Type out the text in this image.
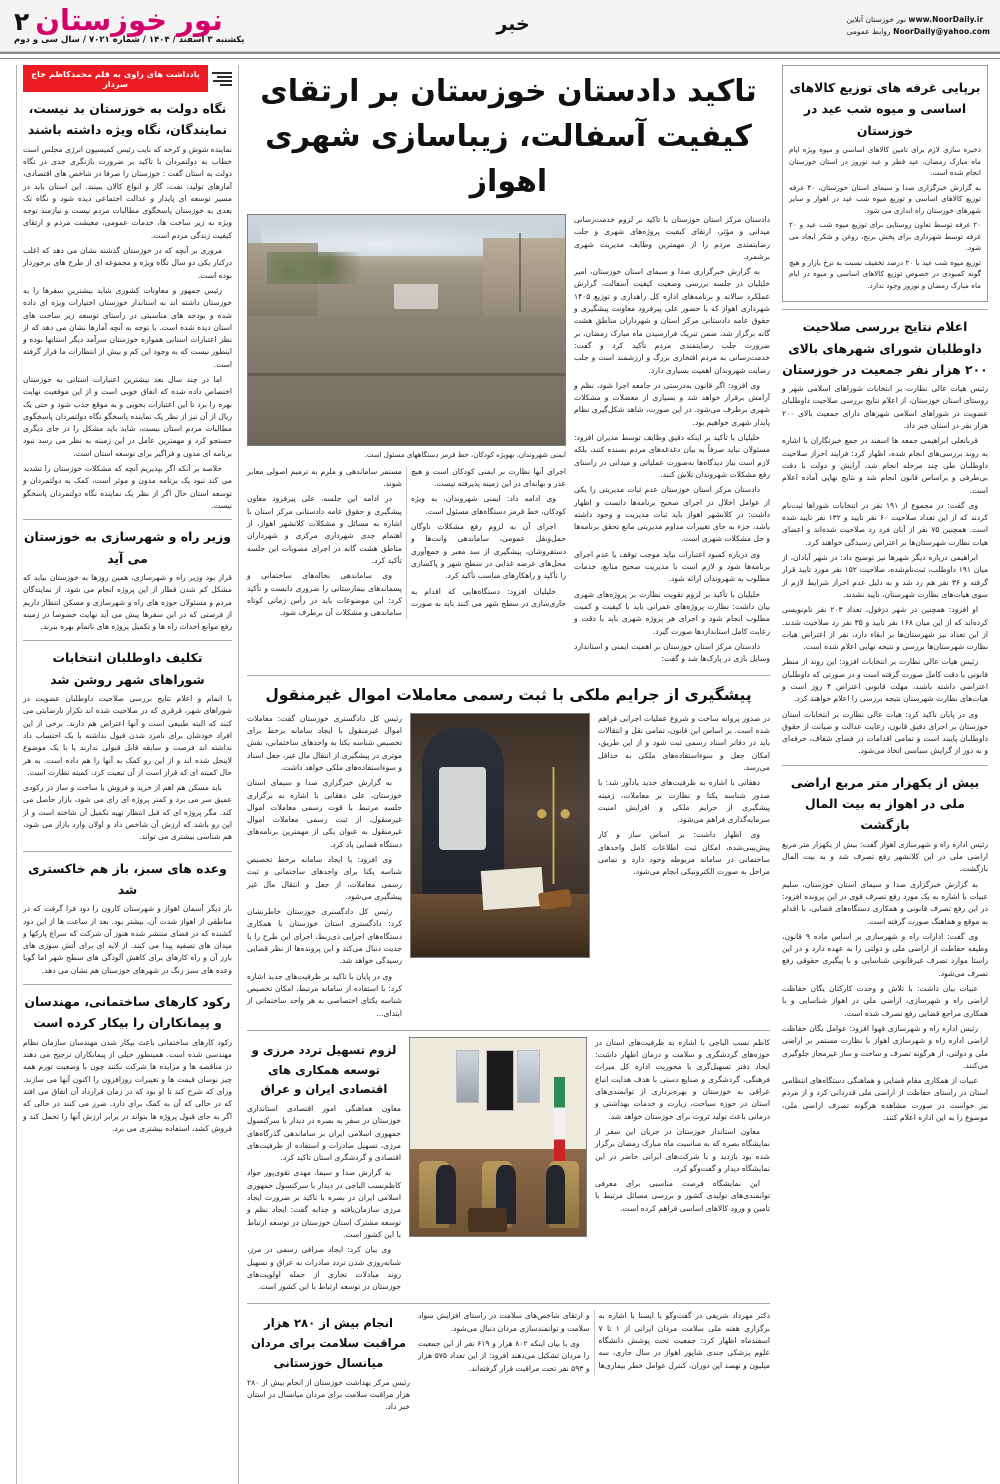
نور خوزستان آنلاین www.NoorDaily.ir
روابط عمومی NoorDaily@yahoo.com
خبر
نور خوزستان
۲
یکشنبه ۳ اسفند / ۱۴۰۴ / شماره ۷۰۲۱ / سال سی و دوم
برپایی غرفه های توزیع کالاهای اساسی و میوه شب عید در خوزستان
ذخیره سازی لازم برای تامین کالاهای اساسی و میوه ویژه ایام ماه مبارک رمضان، عید فطر و عید نوروز در استان خوزستان انجام شده است.
به گزارش خبرگزاری صدا و سیمای استان خوزستان، ۴۰ غرفه توزیع کالاهای اساسی و توزیع میوه شب عید در اهواز و سایر شهرهای خوزستان راه اندازی می شود.
۲۰ غرفه توسط تعاون روستایی برای توزیع میوه شب عید و ۲۰ غرفه توسط شهرداری برای پخش برنج، روغن و شکر ایجاد می شود.
توزیع میوه شب عید با ۲۰ درصد تخفیف نسبت به نرخ بازار و هیچ گونه کمبودی در خصوص توزیع کالاهای اساسی و میوه در ایام ماه مبارک رمضان و نوروز وجود ندارد.
اعلام نتایج بررسی صلاحیت داوطلبان شورای شهرهای بالای ۲۰۰ هزار نفر جمعیت در خوزستان
رئیس هیات عالی نظارت بر انتخابات شوراهای اسلامی شهر و روستای استان خوزستان، از اعلام نتایج بررسی صلاحیت داوطلبان عضویت در شوراهای اسلامی شهرهای دارای جمعیت بالای ۲۰۰ هزار نفر در استان خبر داد.
قربانعلی ابراهیمی جمعه ها اسفند در جمع خبرنگاران با اشاره به روند بررسی‌های انجام شده، اظهار کرد: فرایند احراز صلاحیت داوطلبان طی چند مرحله انجام شد، آرایش و دولت با دقت بی‌طرفی و براساس قانون انجام شد و نتایج نهایی آماده اعلام است.
وی گفت: در مجموع از ۱۹۱ نفر در انتخابات شوراها ثبت‌نام کردند که از این تعداد صلاحیت ۶۰ نفر تایید و ۱۳۲ نفر تایید شده است. همچنین ۷۵ نفر از آنان فرد رد صلاحیت شده‌اند و اعضای هیات نظارت شهرستان‌ها بر اعتراض رسیدگی خواهند کرد.
ابراهیمی درباره دیگر شهرها نیز توضیح داد: در شهر آبادان، از میان ۱۹۱ داوطلب، ثبت‌نام‌شده، صلاحیت ۱۵۲ نفر مورد تایید قرار گرفته و ۳۶ نفر هم رد شد و به دلیل عدم احراز شرایط لازم از سوی هیات‌های نظارت شهرستان، تایید نشدند.
او افزود: همچنین در شهر دزفول، تعداد ۲۰۳ نفر نام‌نویسی کرده‌اند که از این میان ۱۶۸ نفر تایید و ۳۵ نفر رد صلاحیت شدند. از این تعداد نیز شهرستان‌ها بر ابقاء دارد، نفر از اعتراض هیات نظارت شهرستان‌ها بررسی و نتیجه نهایی اعلام شده است.
رئیس هیات عالی نظارت بر انتخابات افزود: این روند از منظر قانونی با دقت کامل صورت گرفته است و در صورتی که داوطلبان اعتراضی داشته باشند، مهلت قانونی اعتراض ۴ روز است و هیات‌های نظارت شهرستان نتیجه بررسی را اعلام خواهند کرد.
وی در پایان تاکید کرد: هیات عالی نظارت بر انتخابات استان خوزستان بر اجرای دقیق قانون، رعایت عدالت و صیانت از حقوق داوطلبان پایبند است و تمامی اقدامات در فضای شفاف، حرفه‌ای و به دور از گرایش سیاسی اتخاذ می‌شود.
بیش از یکهزار متر مربع اراضی ملی در اهواز به بیت المال بازگشت
رئیس اداره راه و شهرسازی اهواز گفت: بیش از یکهزار متر مربع اراضی ملی در این کلانشهر رفع تصرف شد و به بیت المال بازگشت.
به گزارش خبرگزاری صدا و سیمای استان خوزستان، سلیم عبیات با اشاره به یک مورد رفع تصرف قوی در این پرونده افزود: در این رفع تصرف قانونی و همکاری دستگاه‌های قضایی، با اقدام به موقع و هماهنگ صورت گرفته است.
وی گفت: ادارات راه و شهرسازی بر اساس ماده ۹ قانون، وظیفه حفاظت از اراضی ملی و دولتی را به عهده دارد و در این راستا موارد تصرف غیرقانونی شناسایی و با پیگیری حقوقی رفع تصرف می‌شود.
عبیات بیان داشت: با تلاش و وحدت کارکنان یگان حفاظت اراضی راه و شهرسازی، اراضی ملی در اهواز شناسایی و با همکاری مراجع قضایی رفع تصرف شده است.
رئیس اداره راه و شهرسازی قهوا افزود: عوامل یگان حفاظت اراضی اداره راه و شهرسازی اهواز با نظارت مستمر بر اراضی ملی و دولتی، از هرگونه تصرف و ساخت و ساز غیرمجاز جلوگیری می‌کنند.
عبیات از همکاری مقام قضایی و هماهنگی دستگاه‌های انتظامی استان در راستای حفاظت از اراضی ملی قدردانی کرد و از مردم نیز خواست در صورت مشاهده هرگونه تصرف اراضی ملی، موضوع را به این اداره اعلام کنند.
تاکید دادستان خوزستان بر ارتقای کیفیت آسفالت، زیباسازی شهری اهواز
دادستان مرکز استان خوزستان با تاکید بر لزوم خدمت‌رسانی میدانی و مؤثر، ارتقای کیفیت پروژه‌های شهری و جلب رضایتمندی مردم را از مهمترین وظایف مدیریت شهری برشمرد.
به گزارش خبرگزاری صدا و سیمای استان خوزستان، امیر خلیلیان در جلسه بررسی وضعیت کیفیت آسفالت، گزارش عملکرد سالانه و برنامه‌های اداره کل راهداری و توزیع ۱۴۰۵ شهرداری اهواز که با حضور علی پیرفرود معاونت پیشگیری و حقوق عامه دادستانی مرکز استان و شهرداران مناطق هشت گانه برگزار شد، ضمن تبریک فرارسیدن ماه مبارک رمضان، بر ضرورت جلب رضایتمندی مردم تأکید کرد و گفت: خدمت‌رسانی به مردم افتخاری بزرگ و ارزشمند است و جلب رضایت شهروندان اهمیت بسیاری دارد.
وی افزود: اگر قانون به‌درستی در جامعه اجرا شود، نظم و آرامش برقرار خواهد شد و بسیاری از معضلات و مشکلات شهری برطرف می‌شود. در این صورت، شاهد شکل‌گیری نظام پایدار شهری خواهیم بود.
خلیلیان با تأکید بر اینکه دقیق وظایف توسط مدیران افزود: مسئولان نباید صرفاً به بیان دغدغه‌های مردم بسنده کنند، بلکه لازم است نیاز دیدگاه‌ها به‌صورت عملیاتی و میدانی در راستای رفع مشکلات شهروندان تلاش کنند.
دادستان مرکز استان خوزستان عدم ثبات مدیریتی را یکی از عوامل اخلال در اجرای صحیح برنامه‌ها دانست و اظهار داشت: در کلانشهر اهواز باید ثبات مدیریت و وجود داشته باشد، جزء به جای تغییرات مداوم مدیریتی مانع تحقق برنامه‌ها و حل مشکلات شهری است.
وی درباره کمبود اعتبارات نیاید موجب توقف یا عدم اجرای برنامه‌ها شود و لازم است با مدیریت صحیح منابع، خدمات مطلوب به شهروندان ارائه شود.
خلیلیان با تأکید بر لزوم تقویت نظارت بر پروژه‌های شهری بیان داشت: نظارت پروژه‌های عمرانی باید با کیفیت و کمیت مطلوب انجام شود و اجرای هر پروژه شهری باید با دقت و رعایت کامل استانداردها صورت گیرد.
دادستان مرکز استان خوزستان بر اهمیت ایمنی و استاندارد وسایل بازی در پارک‌ها شد و گفت:
ایمنی شهروندان، بهویژه کودکان، خط قرمز دستگاههای مسئول است.
اجرای آنها نظارت بر ایمنی کودکان است و هیچ عذر و بهانه‌ای در این زمینه پذیرفته نیست.
وی ادامه داد: ایمنی شهروندان، به ویژه کودکان، خط قرمز دستگاه‌های مسئول است.
اجرای آن به لزوم رفع مشکلات ناوگان حمل‌ونقل عمومی، ساماندهی وانت‌ها و دستفروشان، پیشگیری از سد معبر و جمع‌آوری محل‌های عرضه غذایی در سطح شهر و پاکسازی را تأکید و راهکارهای مناسب تأکید کرد.
خلیلیان افزود: دستگاه‌هایی که اقدام به جاری‌سازی در سطح شهر می کنند باید به صورت مستمر ساماندهی و ملزم به ترمیم اصولی معابر شوند.
در ادامه این جلسه، علی پیرفرود معاون پیشگیری و حقوق عامه دادستانی مرکز استان با اشاره به مسائل و مشکلات کلانشهر اهواز، از اهتمام جدی شهرداری مرکزی و شهرداران مناطق هشت گانه در اجرای مصوبات این جلسه تأکید کرد.
وی ساماندهی نخاله‌های ساختمانی و پسماندهای بیمارستانی را ضروری دانست و تأکید کرد: این موضوعات باید در رأس زمانی کوتاه ساماندهی و مشکلات آن برطرف شود.
پیشگیری از جرایم ملکی با ثبت رسمی معاملات اموال غیرمنقول
در صدور پروانه ساخت و شروع عملیات اجرایی فراهم شده است. بر اساس این قانون، تمامی نقل و انتقالات باید در دفاتر اسناد رسمی ثبت شود و از این طریق، امکان جعل و سوءاستفاده‌های ملکی به حداقل می‌رسد.
دهقانی با اشاره به ظرفیت‌های جدید یادآور شد: با صدور شناسه یکتا و نظارت بر معاملات، زمینه پیشگیری از جرایم ملکی و افزایش امنیت سرمایه‌گذاری فراهم می‌شود.
وی اظهار داشت: بر اساس ساز و کار پیش‌بینی‌شده، امکان ثبت اطلاعات کامل واحدهای ساختمانی در سامانه مربوطه وجود دارد و تمامی مراحل به صورت الکترونیکی انجام می‌شود.
رئیس کل دادگستری خوزستان گفت: معاملات اموال غیرمنقول با ایجاد سامانه برخط برای تخصیص شناسه یکتا به واحدهای ساختمانی، نقش موثری در پیشگیری از انتقال مال غیر، جعل اسناد و سوءاستفاده‌های ملکی خواهد داشت.
به گزارش خبرگزاری صدا و سیمای استان خوزستان، علی دهقانی با اشاره به برگزاری جلسه مرتبط با قوت رسمی معاملات اموال غیرمنقول، از ثبت رسمی معاملات اموال غیرمنقول به عنوان یکی از مهمترین برنامه‌های دستگاه قضایی یاد کرد.
وی افزود: با ایجاد سامانه برخط تخصیص شناسه یکتا برای واحدهای ساختمانی و ثبت رسمی معاملات، از جعل و انتقال مال غیر پیشگیری می‌شود.
رئیس کل دادگستری خوزستان خاطرنشان کرد: دادگستری استان خوزستان با همکاری دستگاه‌های اجرایی ذی‌ربط، اجرای این طرح را با جدیت دنبال می‌کند و این پرونده‌ها از نظر قضایی رسیدگی خواهد شد.
وی در پایان با تاکید بر ظرفیت‌های جدید اشاره کرد: با استفاده از سامانه مرتبط، امکان تخصیص شناسه یکتای اختصاصی به هر واحد ساختمانی از ابتدای...
کاظم نسب الباجی با اشاره به ظرفیت‌های استان در حوزه‌های گردشگری و سلامت و درمان اظهار داشت: ایجاد دفتر تسهیل‌گری با محوریت اداره کل میراث فرهنگی، گردشگری و صنایع دستی با هدف هدایت اتباع عراقی به خوزستان و بهره‌برداری از توانمندی‌های استان در حوزه سیاحت، زیارت و خدمات بهداشتی و درمانی باعث تولید ثروت برای خوزستان خواهد شد.
معاون استاندار خوزستان در جریان این سفر از نمایشگاه بصره که به مناسبت ماه مبارک رمضان برگزار شده بود بازدید و با شرکت‌های ایرانی حاضر در این نمایشگاه دیدار و گفت‌وگو کرد.
این نمایشگاه فرصت مناسبی برای معرفی توانمندی‌های تولیدی کشور و بررسی مسائل مرتبط با تامین و ورود کالاهای اساسی فراهم کرده است.
لزوم تسهیل تردد مرزی و توسعه همکاری های اقتصادی ایران و عراق
معاون هماهنگی امور اقتصادی استانداری خوزستان در سفر به بصره در دیدار با سرکنسول جمهوری اسلامی ایران بر ساماندهی گذرگاه‌های مرزی، تسهیل صادرات و استفاده از ظرفیت‌های اقتصادی و گردشگری استان تاکید کرد.
به گزارش صدا و سیما، مهدی تقوی‌پور جواد کاظم‌نسب الباجی در دیدار با سرکنسول جمهوری اسلامی ایران در بصره با تاکید بر ضرورت ایجاد مرزی سازمان‌یافته و جذابه گفت: ایجاد نظم و توسعه مشترک استان خوزستان در توسعه ارتباط با این کشور است.
وی بیان کرد: ایجاد صرافی رسمی در مرز، شبانه‌روزی شدن تردد صادرات به عراق و تسهیل روند مبادلات تجاری از جمله اولویت‌های خوزستان در توسعه ارتباط با این کشور است.
دکتر مهرداد شریفی در گفت‌وگو با ایسنا با اشاره به برگزاری هفته ملی سلامت مردان ایرانی از ۱ تا ۷ اسفندماه اظهار کرد: جمعیت تحت پوشش دانشگاه علوم پزشکی جندی شاپور اهواز در سال جاری، سه میلیون و نهصد این دوران، کنترل عوامل خطر بیماری‌ها و ارتقای شاخص‌های سلامت در راستای افزایش سواد سلامت و توانمندسازی مردان دنبال می‌شود.
وی با بیان اینکه ۸۰۲ هزار و ۶۱۹ نفر از این جمعیت را مردان تشکیل می‌دهند افزود: از این تعداد ۵۷۵ هزار و ۵۹۳ نفر تحت مراقبت قرار گرفته‌اند.
انجام بیش از ۲۸۰ هزار مراقبت سلامت برای مردان میانسال خوزستانی
رئیس مرکز بهداشت خوزستان از انجام بیش از ۲۸۰ هزار مراقبت سلامت برای مردان میانسال در استان خبر داد.
یادداشت های راوی به قلم محمدکاظم حاج سردار
نگاه دولت به خوزستان بد نیست، نمایندگان، نگاه ویژه داشته باشند
نماینده شوش و کرخه که نایب رئیس کمیسیون انرژی مجلس است خطاب به دولتمردان با تاکید بر ضرورت بازنگری جدی در نگاه دولت به استان گفت : خوزستان را صرفا در شاخص های اقتصادی، آمارهای تولید، نفت، گاز و انواع کالان ببینند. این استان باید در مسیر توسعه ای پایدار و عدالت اجتماعی دیده شود و نگاه تک بعدی به خوزستان پاسخگوی مطالبات مردم نیست و نیازمند توجه ویژه به زیر ساخت ها، خدمات عمومی، معیشت مردم و ارتقای کیفیت زندگی مردم است.
مروری بر آنچه که در خوزستان گذشته نشان می دهد که اغلب درکنار یکی دو سال نگاه ویژه و مجموعه ای از طرح های برخوردار بوده است.
رئیس جمهور و معاونات کشوری شاید بیشترین سفرها را به خوزستان داشته اند به استاندار خوزستان اختیارات ویژه ای داده شده و بودجه های مناسبتی در راستای توسعه زیر ساخت های استان دیده شده است. با توجه به آنچه آمارها نشان می دهد که از نظر اعتبارات استانی همواره خوزستان سرآمد دیگر استانها بوده و اینطور نیست که به وجود این کم و بیش از انتظارات ما قرار گرفته است.
اما در چند سال بعد بیشترین اعتبارات استانی به خوزستان اختصاص داده شده که اتفاق خوبی است و از این موقعیت نهایت بهره را برد تا این اعتبارات بخوبی و به موقع جذب شود و حتی یک ریال از آن نیز از نظر یک نماینده پاسخگو نگاه دولتمردان پاسخگوی مطالبات مردم استان نیست، شاید باید مشکل را در جای دیگری جستجو کرد و مهمترین عامل در این زمینه به نظر می رسد نبود برنامه ای مدون و فراگیر برای توسعه استان است.
خلاصه بر آنکه اگر بپذیریم آنچه که مشکلات خوزستان را تشدید می کند نبود یک برنامه مدون و موثر است، کمک به دولتمردان و توسعه استان حال اگر از نظر یک نماینده نگاه دولتمردان پاسخگو نیست.
وزیر راه و شهرسازی به خوزستان می آید
قرار بود وزیر راه و شهرسازی، همین روزها به خوزستان بیاید که مشکل کم شدن قطار از این پروژه انجام می شود. از نمایندگان مردم و مسئولان حوزه های راه و شهرسازی و مسکن انتظار داریم از فرصتی که در این سفرها پیش می آید نهایت خصوصا در زمینه رفع موانع احداث راه ها و تکمیل پروژه های ناتمام بهره ببرند.
تکلیف داوطلبان انتخابات شوراهای شهر روشن شد
با اتمام و اعلام نتایج بررسی صلاحیت داوطلبان عضویت در شوراهای شهر، قرقری که در صلاحیت شده اند تکرار نارضایتی می کنند که البته طبیعی است و آنها اعتراض هم دارند. برخی از این افراد خودشان برای نامزد شدن قبول نداشته با یک احتساب داد نداشته اند فرصت و سابقه قابل قبولی ندارند یا با یک موضوع لاینحل شده اند و از این رو کمک به آنها را هم داده است. به هر حال کمیته ای که قرار است از آن تبعیت کرد، کمیته نظارت است.
باید مسکن هم اهم از خرید و فروش با ساخت و ساز در رکودی عمیق سر می برد و کمتر پروژه ای رای می شود، بازار حاصل می کند. مگر پروژه ای که قبل انتظار تهیه تکمیل آن شاخته است و از این رو باشد که ارزش آن شاخص داد و اولان وارد بازار می شود، هم شناسی بیشتری می تواند.
وعده های سبز، باز هم خاکستری شد
بار دیگر آسمان اهواز و شهرستان کارون را دود فرا گرفت که در مناطقی از اهواز شدت آن، بیشتر بود. بعد از ساعت ها از این دود کشنده که در فضای منتشر شده هنوز آن شرکت که سراغ پارکها و میدان های تصفیه پیدا می کنند. از لایه ای برای آتش سوزی های بارز آن و راه کارهای برای کاهش آلودگی های سطح شهر اما گویا وعده های سبز رنگ در شهرهای خوزستان هم نشان می دهد.
رکود کارهای ساختمانی، مهندسان و پیمانکاران را بیکار کرده است
رکود کارهای ساختمانی باعث بیکار شدن مهندسان سازمان نظام مهندسی شده است. همینطور خیلی از پیمانکاران ترجیح می دهند در مناقصه ها و مزایده ها شرکت نکنند چون با وضعیت تورم همه چیز نوسان قیمت ها و تغییرات روزافزون را اکنون آنها می سازند. ورای که شرح کند تا او بود که در زمان قرارداد آن اتفاق می افتد که در حالی که آن به کمک برای دارد. ضرر می کنند در حالی که اگر به جای قبول پروژه ها بتواند در برابر ارزش آنها را تحمل کند و فروش کشد، استفاده بیشتری می برد.
